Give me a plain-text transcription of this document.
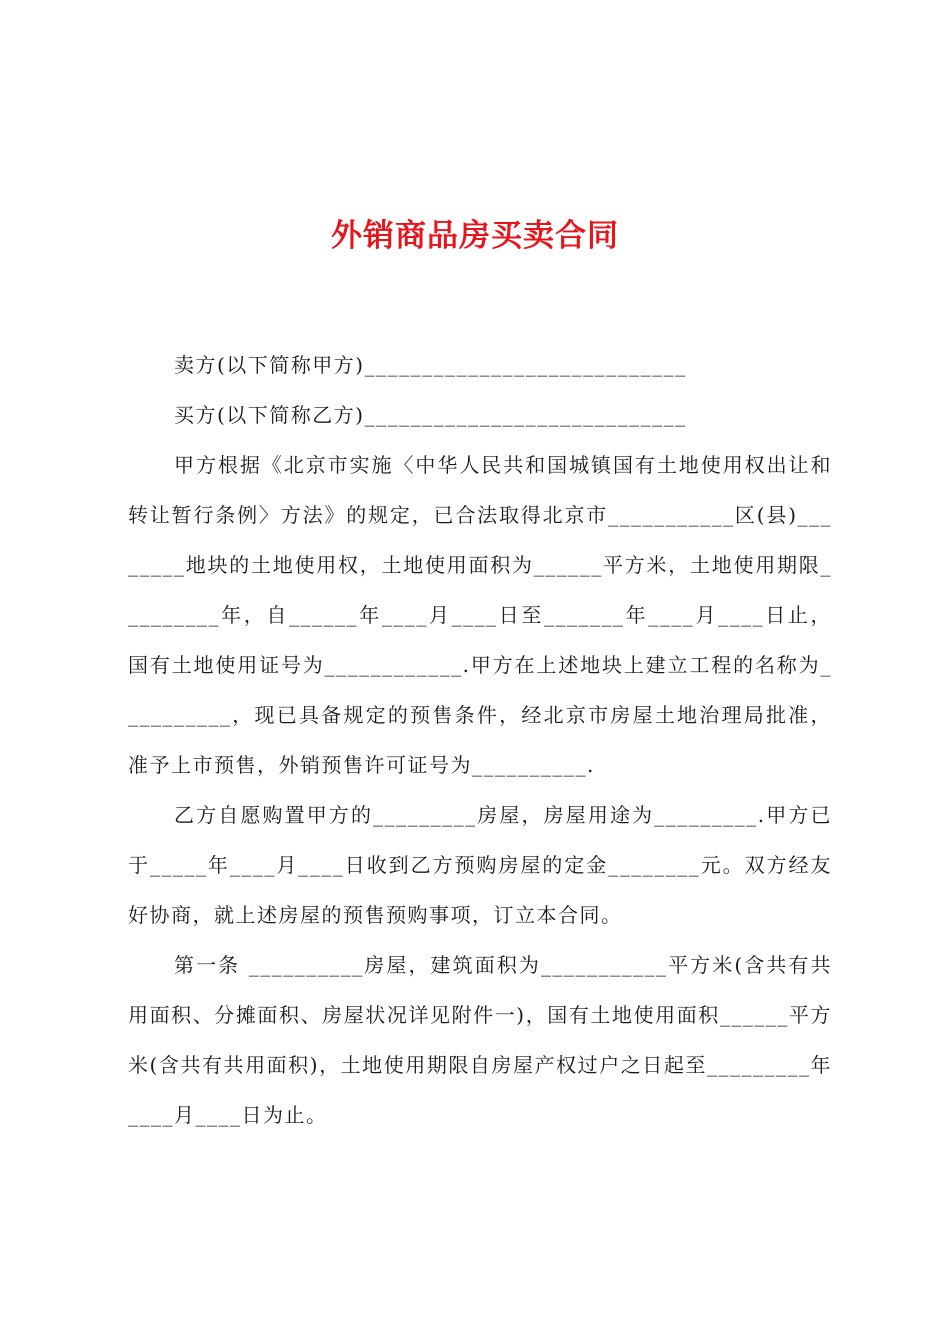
外销商品房买卖合同

卖方(以下简称甲方)____________________________

买方(以下简称乙方)____________________________

甲方根据《北京市实施〈中华人民共和国城镇国有土地使用权出让和转让暂行条例〉方法》的规定，已合法取得北京市___________区(县)________地块的土地使用权，土地使用面积为______平方米，土地使用期限_________年，自______年____月____日至_______年____月____日止，国有土地使用证号为____________.甲方在上述地块上建立工程的名称为__________，现已具备规定的预售条件，经北京市房屋土地治理局批准，准予上市预售，外销预售许可证号为__________.

乙方自愿购置甲方的_________房屋，房屋用途为_________.甲方已于_____年____月____日收到乙方预购房屋的定金________元。双方经友好协商，就上述房屋的预售预购事项，订立本合同。

第一条 __________房屋，建筑面积为___________平方米(含共有共用面积、分摊面积、房屋状况详见附件一)，国有土地使用面积______平方米(含共有共用面积)，土地使用期限自房屋产权过户之日起至_________年____月____日为止。
